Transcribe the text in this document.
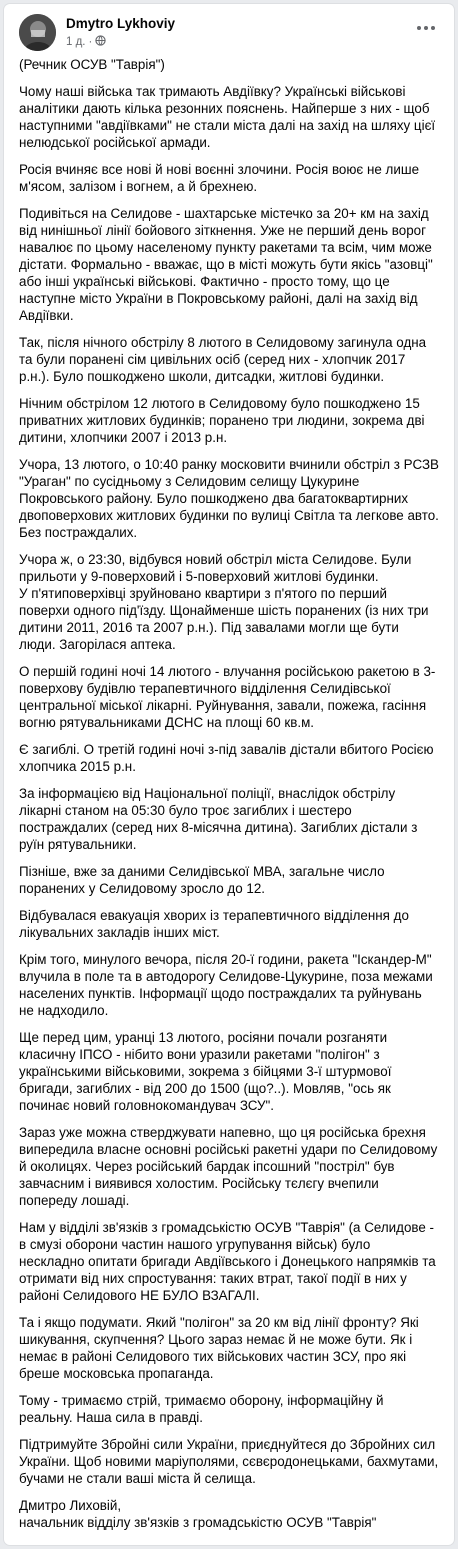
Dmytro Lykhoviy
1 д. ·

(Речник ОСУВ "Таврія")

Чому наші війська так тримають Авдіївку? Українські військові аналітики дають кілька резонних пояснень. Найперше з них - щоб наступними "авдіївками" не стали міста далі на захід на шляху цієї нелюдської російської армади.

Росія вчиняє все нові й нові воєнні злочини. Росія воює не лише м'ясом, залізом і вогнем, а й брехнею.

Подивіться на Селидове - шахтарське містечко за 20+ км на захід від нинішньої лінії бойового зіткнення. Уже не перший день ворог навалює по цьому населеному пункту ракетами та всім, чим може дістати. Формально - вважає, що в місті можуть бути якісь "азовці" або інші українські військові. Фактично - просто тому, що це наступне місто України в Покровському районі, далі на захід від Авдіївки.

Так, після нічного обстрілу 8 лютого в Селидовому загинула одна та були поранені сім цивільних осіб (серед них - хлопчик 2017 р.н.). Було пошкоджено школи, дитсадки, житлові будинки.

Нічним обстрілом 12 лютого в Селидовому було пошкоджено 15 приватних житлових будинків; поранено три людини, зокрема дві дитини, хлопчики 2007 і 2013 р.н.

Учора, 13 лютого, о 10:40 ранку московити вчинили обстріл з РСЗВ "Ураган" по сусідньому з Селидовим селищу Цукурине Покровського району. Було пошкоджено два багатоквартирних двоповерхових житлових будинки по вулиці Світла та легкове авто. Без постраждалих.

Учора ж, о 23:30, відбувся новий обстріл міста Селидове. Були прильоти у 9-поверховий і 5-поверховий житлові будинки.
У п'ятиповерхівці зруйновано квартири з п'ятого по перший поверхи одного під'їзду. Щонайменше шість поранених (із них три дитини 2011, 2016 та 2007 р.н.). Під завалами могли ще бути люди. Загорілася аптека.

О першій годині ночі 14 лютого - влучання російською ракетою в 3-поверхову будівлю терапевтичного відділення Селидівської центральної міської лікарні. Руйнування, завали, пожежа, гасіння вогню рятувальниками ДСНС на площі 60 кв.м.

Є загиблі. О третій годині ночі з-під завалів дістали вбитого Росією хлопчика 2015 р.н.

За інформацією від Національної поліції, внаслідок обстрілу лікарні станом на 05:30 було троє загиблих і шестеро постраждалих (серед них 8-місячна дитина). Загиблих дістали з руїн рятувальники.

Пізніше, вже за даними Селидівської МВА, загальне число поранених у Селидовому зросло до 12.

Відбувалася евакуація хворих із терапевтичного відділення до лікувальних закладів інших міст.

Крім того, минулого вечора, після 20-ї години, ракета "Іскандер-М" влучила в поле та в автодорогу Селидове-Цукурине, поза межами населених пунктів. Інформації щодо постраждалих та руйнувань не надходило.

Ще перед цим, уранці 13 лютого, росіяни почали розганяти класичну ІПСО - нібито вони уразили ракетами "полігон" з українськими військовими, зокрема з бійцями 3-ї штурмової бригади, загиблих - від 200 до 1500 (що?..). Мовляв, "ось як починає новий головнокомандувач ЗСУ".

Зараз уже можна стверджувати напевно, що ця російська брехня випередила власне основні російські ракетні удари по Селидовому й околицях. Через російський бардак іпсошний "постріл" був завчасним і виявився холостим. Російську тєлєгу вчепили попереду лошаді.

Нам у відділі зв'язків з громадськістю ОСУВ "Таврія" (а Селидове - в смузі оборони частин нашого угрупування військ) було нескладно опитати бригади Авдіївського і Донецького напрямків та отримати від них спростування: таких втрат, такої події в них у районі Селидового НЕ БУЛО ВЗАГАЛІ.

Та і якщо подумати. Який "полігон" за 20 км від лінії фронту? Які шикування, скупчення? Цього зараз немає й не може бути. Як і немає в районі Селидового тих військових частин ЗСУ, про які бреше московська пропаганда.

Тому - тримаємо стрій, тримаємо оборону, інформаційну й реальну. Наша сила в правді.

Підтримуйте Збройні сили України, приєднуйтеся до Збройних сил України. Щоб новими маріуполями, сєвєродонецьками, бахмутами, бучами не стали ваші міста й селища.

Дмитро Лиховій,

начальник відділу зв'язків з громадськістю ОСУВ "Таврія"
